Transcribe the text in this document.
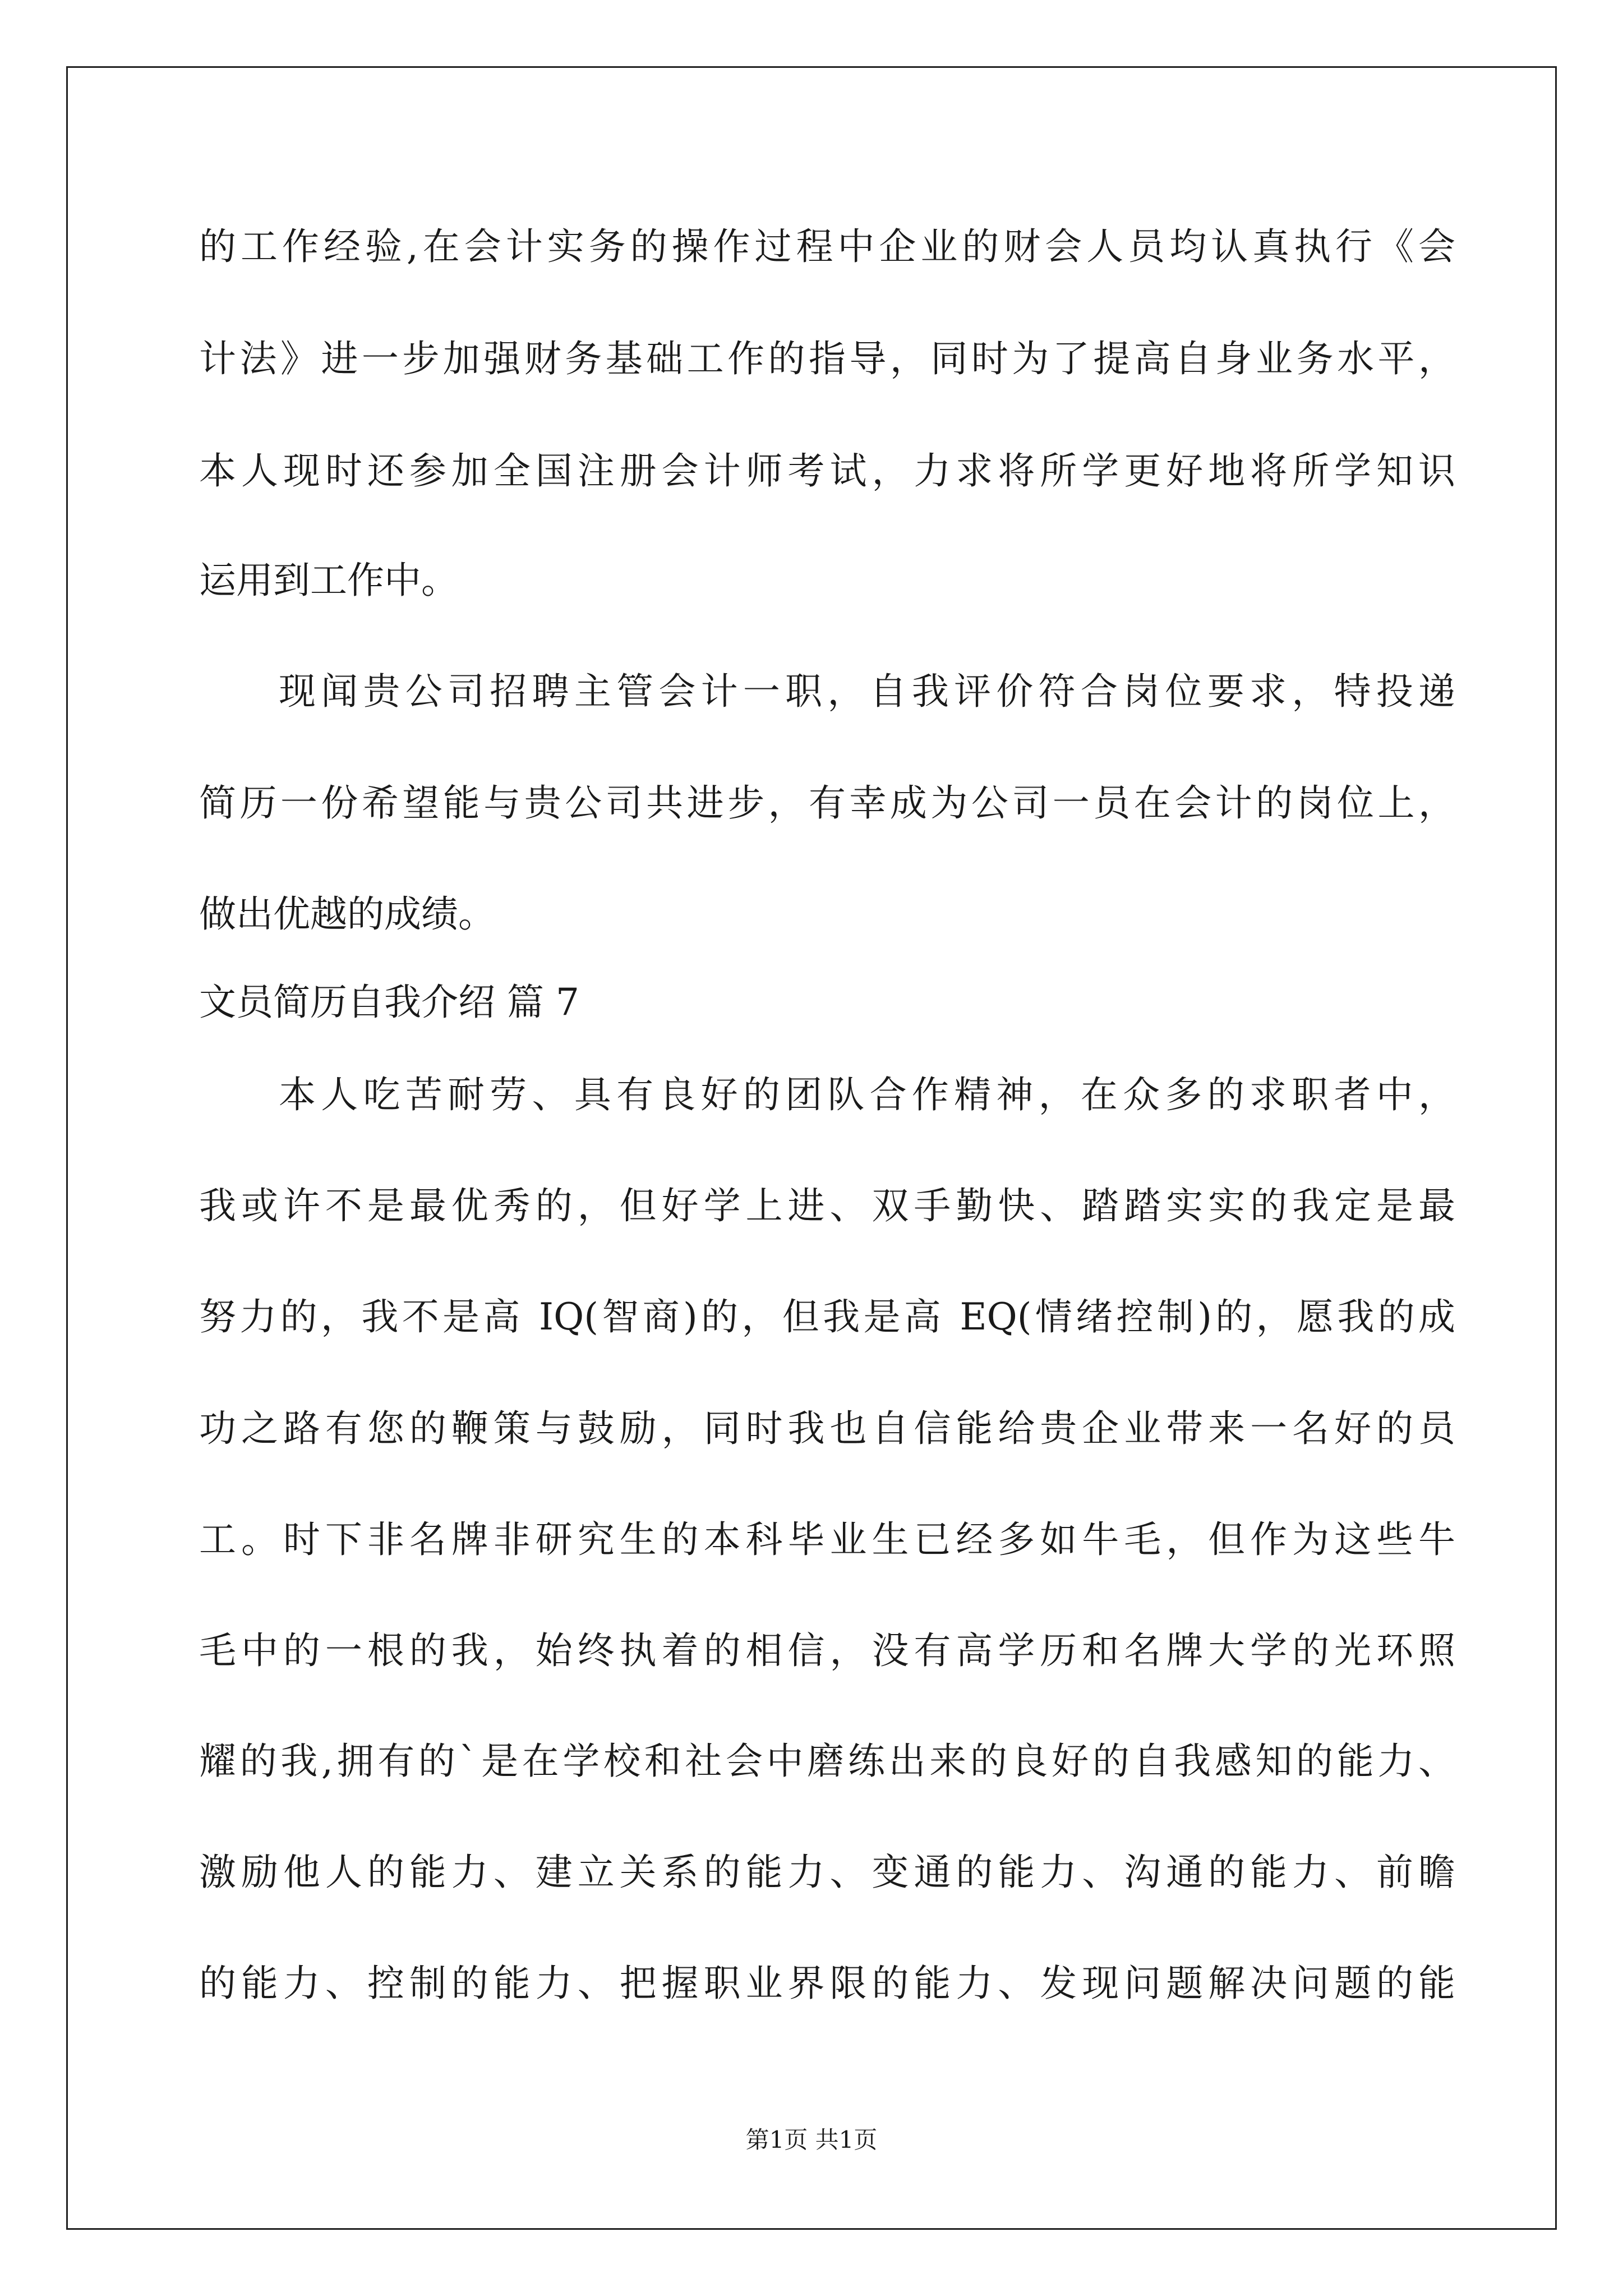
的工作经验,在会计实务的操作过程中企业的财会人员均认真执行《会
计法》进一步加强财务基础工作的指导，同时为了提高自身业务水平，
本人现时还参加全国注册会计师考试，力求将所学更好地将所学知识
运用到工作中。
现闻贵公司招聘主管会计一职，自我评价符合岗位要求，特投递
简历一份希望能与贵公司共进步，有幸成为公司一员在会计的岗位上，
做出优越的成绩。
文员简历自我介绍 篇 7
本人吃苦耐劳、具有良好的团队合作精神，在众多的求职者中，
我或许不是最优秀的，但好学上进、双手勤快、踏踏实实的我定是最
努力的，我不是高 IQ(智商)的，但我是高 EQ(情绪控制)的，愿我的成
功之路有您的鞭策与鼓励，同时我也自信能给贵企业带来一名好的员
工。时下非名牌非研究生的本科毕业生已经多如牛毛，但作为这些牛
毛中的一根的我，始终执着的相信，没有高学历和名牌大学的光环照
耀的我,拥有的`是在学校和社会中磨练出来的良好的自我感知的能力、
激励他人的能力、建立关系的能力、变通的能力、沟通的能力、前瞻
的能力、控制的能力、把握职业界限的能力、发现问题解决问题的能
第1页 共1页
